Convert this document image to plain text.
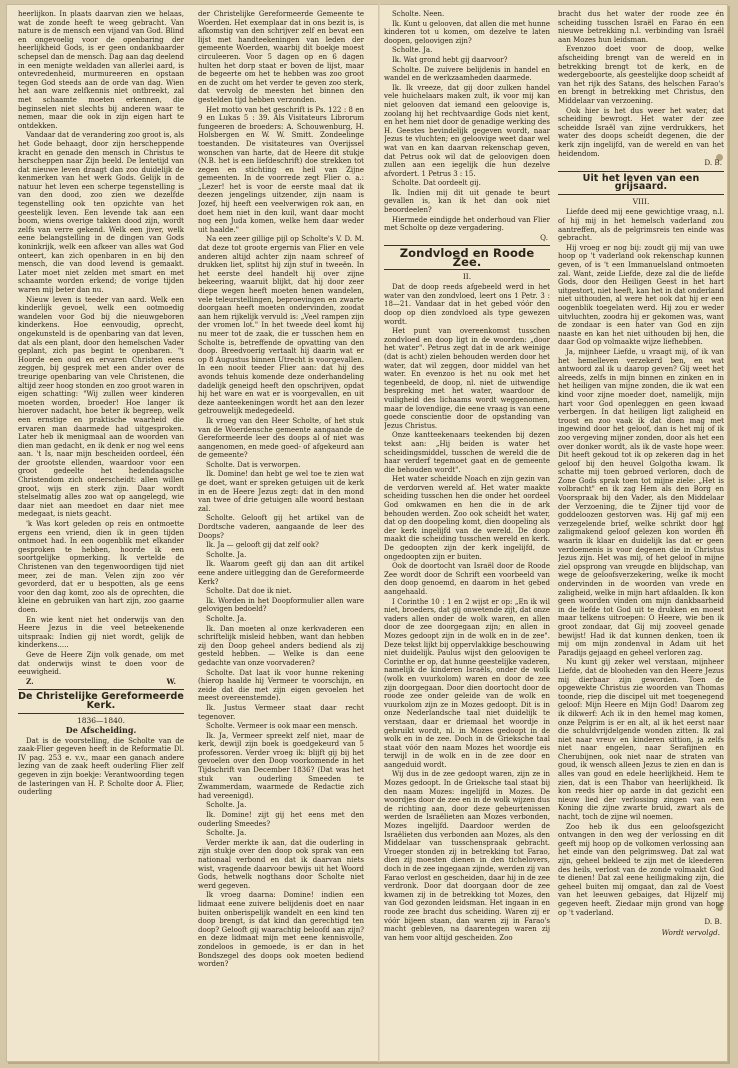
heerlijkon. In plaats daarvan zien we helaas, wat de zonde heeft te weeg gebracht. Van nature is de mensch een vijand van God. Blind en ongevoelig voor de openbaring der heerlijkheid Gods, is er geen ondankbaarder schepsel dan de mensch. Dag aan dag deelend in een menigte weldaden van allerlei aard, is ontevredenheid, murmureeren en opstaan tegen God steeds aan de orde van dag. Wien het aan ware zelfkennis niet ontbreekt, zal met schaamte moeten erkennen, die beginselen niet slechts bij anderen waar te nemen, maar die ook in zijn eigen hart te ontdekken.

Vandaar dat de verandering zoo groot is, als het Gode behaagt, door zijn herscheppende kracht en genade den mensch in Christus te herscheppen naar Zijn beeld. De lentetijd van dat nieuwe leven draagt dan zoo duidelijk de kenmerken van het werk Gods. Gelijk in de natuur het leven een scherpe tegenstelling is van den dood, zoo zien we dezelfde tegenstelling ook ten opzichte van het geestelijk leven. Een levende tak aan een boom, wiens overige takken dood zijn, wordt zelfs van verre gekend. Welk een jiver, welk eene belangstelling in de dingen van Gods koninkrijk, welk een afkeer van alles wat God ontеert, kan zich openbaren in en bij den mensch, die van dood levend is gemaakt. Later moet niet zelden met smart en met schaamte worden erkend; de vorige tijden waren mij beter dan nu.

Nieuw leven is teeder van aard. Welk een kinderlijk gevoel, welk een ootmoedig wandelen voor God bij die nieuwgeboren kinderkens. Hoe eenvoudig, oprecht, ongekunsteld is de openbaring van dat leven, dat als een plant, door den hemelschen Vader geplant, zich pas begint te openbaren. "t Hoorde een oud en ervaren Christen eens zeggen, bij gesprek met een ander over de treurige openbaring van vele Christenen, die altijd zeer hoog stonden en zoo groot waren in eigen schatting: "Wij zullen weer kinderen moeten worden, broeder! Hoe langer ik hierover nadacht, hoe beter ik begreep, welk een ernstige en praktische waarheid die ervaren man daarmede had uitgesproken. Later heb ik menigmaal aan de woorden van dien man gedacht, en ik denk er nog wel eens aan. 't Is, naar mijn bescheiden oordeel, één der grootste ellenden, waardoor voor een groot gedeelte het hedendaagsche Christendom zich onderscheidt: allen willen groot, wijs en sterk zijn. Daar wordt stelselmatig alles zoo wat op aangelegd, wie daar niet aan meedoet en daar niet mee medegaat, is niets geacht.

'k Was kort geleden op reis en ontmoette ergens een vriend, dien ik in geen tijden ontmoet had. In een oogenblik met elkander gesproken te hebben, hoorde ik een soortgelijke opmerking. Ik vertelde de Christenen van den tegenwoordigen tijd niet meer, zei de man. Velen zijn zoo vér gevorderd, dat er u bespotten, als ge eens voor den dag komt, zoo als de oprechten, die kleine en gebruiken van hart zijn, zoo gaarne doen.

En wie kent niet het onderwijs van den Heere Jezus in die veel beteekenende uitspraak: Indien gij niet wordt, gelijk de kinderkens.....

Geve de Heere Zijn volk genade, om met dat onderwijs winst te doen voor de eeuwigheid.

Z.	W.
De Christelijke Gereformeerde Kerk.
1836—1840.
De Afscheiding.

Dat is de voorstelling, die Scholte van de zaak-Flier gegeven heeft in de Reformatie Dl. IV pag. 253 e. v.v., maar een ganach andere lezing van de zaak heeft ouderling Flier zelf gegeven in zijn boekje: Verantwoording tegen de lasteringen van H. P. Scholte door A. Flier, ouderling

der Christelijke Gereformeerde Gemeente te Woerden. Het exemplaar dat in ons bezit is, is afkomstig van den schrijver zelf en bevat een lijst met handteekeningen van leden der gemeente Woerden, waarbij dit boekje moest circuleeren. Voor 5 dagen op en 6 dagen hulten het dorp staat er boven de lijst, maar de begeerte om het te hebben was zoo groot en de zucht om het verder te geven zoo sterk, dat vervolg de meesten het binnen den gestelden tijd hebben verzonden.

Het motto van het geschrift is Ps. 122 : 8 en 9 en Lukas 5 : 39. Als Visitateurs Librorum fungeeren de broeders: A. Schouwenburg, H. Holsbergen en W. W. Smitt. Zondeelinge toestanden. De visitateures van Overijssel wonschen van harte, dat de Heere dit stukje (N.B. het is een liefdeschrift) doe strekken tot zegen en stichting en heil van Zijne gemeenten. In de voorrede zegt Flier o. a.: „Lezer! het is voor de eerste maal dat ik deezen jengelings uitzender, zijn naam is Jozef, hij heeft een veelverwigen rok aan, en doet hem niet in den kuil, want daar mocht nog een Juda komen, welke hem daar weder uit haalde."

Na een zeer gillige pijl op Scholte's V. D. M. dat deze tot groote ergernis van Flier en vele anderen altijd achter zijn naam schreef of drukken liet, splitst hij zijn stuf in tweeën. In het eerste deel handelt hij over zijne bekeering, waaruit blijkt, dat hij door zeer diepe wegen heeft moeten henen wandelen, vele teleurstellingen, beproevingen en zwarte doorgaan heeft moeten ondervinden, zoodat aan hem rijkelijk vervuld is: „Veel rampen zijn der vromen lot." In het tweede deel komt hij nu meer tot de zaak, die er tusschen hem en Scholte is, betreffende de opvatting van den doop. Breedvoerig vertaalt hij daarin wat er op 8 Augustus binnen Utrecht is voorgevallen. In een nooit teeder Flier aan: dat hij des avonds tehuis komende deze onderhandeling dadelijk geneigd heeft den opschrijven, opdat hij het ware en wat er is voorgevallen, en uit deze aanteekeningen wordt het aan den lezer getrouwelijk medegedeeld.

Ik vroeg van den Heer Scholte, of het stuk van de Woerdensche gemeente aangaande de Gereformeerde leer des doops al of niet was aangenomen, en mede goed- of afgekeurd aan de gemeente?

Scholte. Dat is verworpen.

Ik. Domine! dan hebt ge wel toe te zien wat ge doet, want er spreken getuigen uit de kerk in en de Heere Jezus zegt: dat in den mond van twee of drie getuigen alle woord bestaan zal.

Scholte. Gelooft gij het artikel van de Dordtsche vaderen, aangaande de leer des Doops?

Ik. Ja — gelooft gij dat zelf ook?

Scholte. Ja.

Ik. Waarom geeft gij dan aan dit artikel eene andere uitlegging dan de Gereformeerde Kerk?

Scholte. Dat doe ik niet.

Ik. Worden in het Doopformulier allen ware gelovigen bedoeld?

Scholte. Ja.

Ik. Dan moeten al onze kerkvaderen een schriftelijk misleid hebben, want dan hebben zij den Doop geheel anders bediend als zij gesteld hebben. — Welke is dan eene gedachte van onze voorvaderen?

Scholte. Dat laat ik voor hunne rekening (hierop haalde hij Vermeer te voorschijn, en zeide dat die met zijn eigen gevoelen het meest overeenstemde).

Ik. Justus Vermeer staat daar recht tegenover.

Scholte. Vermeer is ook maar een mensch.

Ik. Ja, Vermeer spreekt zelf niet, maar de kerk, dewijl zijn boek is goedgekeurd van 5 professoren. Verder vroeg ik: blijft gij bij het gevoelen over den Doop voorkomende in het Tijdschrift van December 1836? (Dat was het stuk van ouderling Smeeden te Zwammerdam, waarmede de Redactie zich had vereenigd).

Scholte. Ja.

Ik. Domine! zijt gij het eens met den ouderling Smeedes?

Scholte. Ja.

Verder merkte ik aan, dat die ouderling in zijn stukje over den doop ook sprak van een nationaal verbond en dat ik daarvan niets wist, vragende daarvoor bewijs uit het Woord Gods, hetwelk nogthans door Scholte niet werd gegeven.

Ik vroeg daarna: Domine! indien een lidmaat eene zuivere belijdenis doet en naar buiten onberispelijk wandelt en een kind ten doop brengt, is dat kind dan gerechtigd ten doop? Gelooft gij waarachtig beloofd aan zijn? en deze lidmaat mijn met eene kennisvolle, zondeloos in gemoede, is er dan in het Bondszegel des doops ook moeten bediend worden?

Scholte. Neen.

Ik. Kunt u gelooven, dat allen die met hunne kinderen tot u komen, om dezelve te laten doopen, geloovigen zijn?

Scholte. Ja.

Ik. Wat grond hebt gij daarvoor?

Scholte. De zuivere belijdenis in handel en wandel en de werkzaamheden daarmede.

Ik. Ik vreeze, dat gij door zulken handel vele huichelaars maken zult, ik voor mij kan niet gelooven dat iemand een geloovige is, zoolang hij het rechtvaardige Gods niet kent, en het hem niet door de genadige werking des H. Geestes bevindelijk gegeven wordt, naar Jezus te vluchten; en geloovige weet daar wel wat van en kan daarvan rekenschap geven, dat Petrus ook wil dat de geloovigen doen zullen aan een iegelijk die hun dezelve afvordert. 1 Petrus 3 : 15.

Scholte. Dat oordeelt gij.

Ik. Indien mij dit uit genade te beurt gevallen is, kan ik het dan ook niet beoordeelen?

Hiermede eindigde het onderhoud van Flier met Scholte op deze vergadering.

Q.
Zondvloed en Roode Zee.
II.

Dat de doop reeds afgebeeld werd in het water van den zondvloed, leert ons 1 Petr. 3 : 18—21. Vandaar dat in het gebed vóór den doop op dien zondvloed als type gewezen wordt.

Het punt van overeenkomst tusschen zondvloed en doop ligt in de woorden: „door het water". Petrus zegt dat in de ark weinige (dat is acht) zielen behouden werden door het water, dat wil zeggen, door middel van het water. En evenzoo is het nu ook met het tegenbeeld, de doop, nl. niet de uitwendige bespreking met het water, waardoor de vuiligheid des lichaams wordt weggenomen, maar de lovendige, die eene vraag is van eene goede conscientie door de opstanding van Jezus Christus.

Onze kantteekenaars teekenden bij dezen tekst aan: „Hij beiden is water het scheidingsmiddel, tusschen de wereld die de haar verderf tegemoet gaat en de gemeente die behouden wordt".

Het water scheidde Noach en zijn gezin van de verdorven wereld af. Het water maakte scheiding tusschen hen die onder het oordeel God omkwamen en hen die in de ark behouden werden. Zoo ook scheidt het water, dat op den doopeling komt, dien doopeling als der kerk ingelijfd van de wereld. De doop maakt die scheiding tusschen wereld en kerk. De gedoopten zijn der kerk ingelijfd, de ongedoopten zijn er buiten.

Ook de doortocht van Israël door de Roode Zee wordt door de Schrift een voorbeeld van den doop genoemd, en daarom in het gebed aangehaald.

I Corinthe 10 : 1 en 2 wijst er op: „En ik wil niet, broeders, dat gij onwetende zijt, dat onze vaders allen onder de wolk waren, en allen door de zee doorgegaan zijn; en allen in Mozes gedoopt zijn in de wolk en in de zee". Deze tekst lijkt bij oppervlakkige beschouwing niet duidelijk. Paulus wijst den geloovigen te Corinthe er op, dat hunne geestelijke vaderen, namelijk de kinderen Israëls, onder de wolk (wolk en vuurkolom) waren en door de zee zijn doorgegaan. Door dien doortocht door de roode zee onder geleide van de wolk en vuurkolom zijn ze in Mozes gedoopt. Dit is in onze Nederlandsche taal niet duidelijk te verstaan, daar er driemaal het woordje in gebruikt wordt, nl. in Mozes gedoopt in de wolk en in de zee. Doch in de Grieksche taal staat vóór den naam Mozes het woordje eis terwijl in de wolk en in de zee door en aangeduid wordt.

Wij dus in de zee gedoopt waren, zijn ze in Mozes gedoopt. In de Grieksche taal staat bij den naam Mozes: ingelijfd in Mozes. De woordjes door de zee en in de wolk wijzen dus de richting aan, door deze gebeurtenissen werden de Israëlieten aan Mozes verbonden, Mozes ingelijfd. Daardoor werden de Israëlieten dus verbonden aan Mozes, als den Middelaar van tusschenspraak gebracht. Vroeger stonden zij in betrekking tot Farao, dien zij moesten dienen in den tichelovers, doch in de zee ingegaan zijnde, werden zij van Farao verlost en gescheiden, daar hij in de zee verdronk. Door dat doorgaan door de zee kwamen zij in de betrekking tot Mozes, den van God gezonden leidsman. Het ingaan in en roode zee bracht dus scheiding. Waren zij er vóór bijeen staan, dan waren zij in Farao's macht gebleven, na daarentegen waren zij van hem voor altijd gescheiden. Zoo

bracht dus het water der roode zee én scheiding tusschen Israël en Farao én een nieuwe betrekking n.l. verbinding van Israël aan Mozes hun leidsman.

Evenzoo doet voor de doop, welke afscheiding brengt van de wereld en in betrekking brengt tot de kerk, en de wedergeboorte, als geestelijke doop scheidt af van het rijk des Satans, des helschen Farao's en brengt in betrekking met Christus, den Middelaar van verzoening.

Ook hier is het dus weer het water, dat scheiding bewrogt. Het water der zee scheidde Israël van zijne verdrukkers, het water des doops scheidt degenen, die der kerk zijn ingelijfd, van de wereld en van het heidendom.

D. B.
Uit het leven van een grijsaard.
VIII.

Liefde deed mij eene gewichtige vraag, n.l. of hij mij in het hemelsch vaderland zou aantreffen, als de pelgrimsreis ten einde was gebracht.

Hij vroeg er nog bij: zoudt gij mij van uwe hoop op 't vaderland ook rekenschap kunnen geven, of is 't een Immanuelsland ontmoeten zal. Want, zeide Liefde, deze zal die de liefde Gods, door den Heiligen Geest in het hart uitgestort, niet heeft, kan het in dat onderland niet uithouden, al were het ook dat hij er een oogenblik toegelaten werd. Hij zou er weder uitvluchten, zoodra hij er gekomen was, want de zondaar is een hater van God en zijn naaste en kan het niet uithouden bij hen, die daar God op volmaakte wijze liefhebben.

Ja, mijnheer Liefde, u vraagt mij, of ik van het hemelleven verzekerd ben, en wat antwoord zal ik u daarop geven? Gij weet het alreeds, zelfs in mijn binnen en zinken en in het heiligen van mijne zonden, die ik wat een kind voor zijne moeder doet, namelijk, mijn hart voor God openleggen en geen kwaad verbergen. In dat heiligen ligt zaligheid en troost en zoo vaak ik dat doen mag met ingewind door het geloof, dan is het mij of ik zoo vergeving mijner zonden, door als het een over donker wordt, als ik de vaste hope weer. Dit heeft gekoud tot ik op zekeren dag in het geloof bij den heuvel Golgotha kwam. Ik schatte mij toen gebroed verloren, doch de Zone Gods sprak toen tot mijne ziele: „Het is volbracht" en ik zag Hem als den Borg en Voorspraak bij den Vader, als den Middelaar der Verzoening, die te Zijner tijd voor de goddeloozen gestorven was. Hij gaf mij een verzegelende brief, welke schrikt door het zaligmakend geloof gelezen kon worden en waarin ik klaar en duidelijk las dat er geen verdoemenis is voor degenen die in Christus Jezus zijn. Het was mij, of het geloof in mijne ziel opsprong van vreugde en blijdschap, van wege de geloofsverzekering, welke ik mocht ondervinden in de woorden van vrede en zaligheid, welke in mijn hart afdaalden. Ik kon geen woorden vinden om mijn dankbaarheid in de liefde tot God uit te drukken en moest maar telkens uitroepen: O Heere, wie ben ik groot zondaar, dat Gij mij zooveel genade bewijst! Had ik dat kunnen denken, toen ik mij om mijn zondenval in Adam uit het Paradijs gejaagd en geheel verloren zag.

Nu kunt gij zeker wel verstaan, mijnheer Liefde, dat de blooheden van den Heere Jezus mij dierbaar zijn geworden. Toen de opgewekte Christus zie woorden van Thomas toonde, riep die discipel uit met toegenegend geloof: Mijn Heere en Mijn God! Daarom zeg ik dikwerf: Ach ik in den hemel mag komen, onze Pelgrim is er en alt, al ik het eerst naar die schuldvrijdelgende wonden zitten. Ik zal niet naar vreuv en kinderen sittion, ja zelfs niet naar engelen, naar Serafijnen en Cherubijnen, ook niet naar de straten van goud, ik wensch alleen Jezus te zien en dan is alles van goud en edele heerlijkheid. Hem te zien, dat is een Thabor van heerlijkheid. Ik kon reeds hier op aarde in dat gezicht een nieuw lied der verlossing zingen van een Koning die zijne zwarte bruid, zwart als de nacht, toch de zijne wil noemen.

Zoo heb ik dus een geloofsgezicht ontvangen in den weg der verlossing en dit geeft mij hoop op de volkomen verlossing aan het einde van den pelgrimsweg. Dat zal wat zijn, geheel bekleed te zijn met de kleederen des heils, verlost van de zonde volmaakt God te dienen! Dat zal eene heiligmaking zijn, die geheel buiten mij omgaat, dan zal de Voest van het leeuwen gebaiges, dat Hijzelf mij gegeven heeft. Ziedaar mijn grond van hope op 't vaderland.

D. B.
Wordt vervolgd.
